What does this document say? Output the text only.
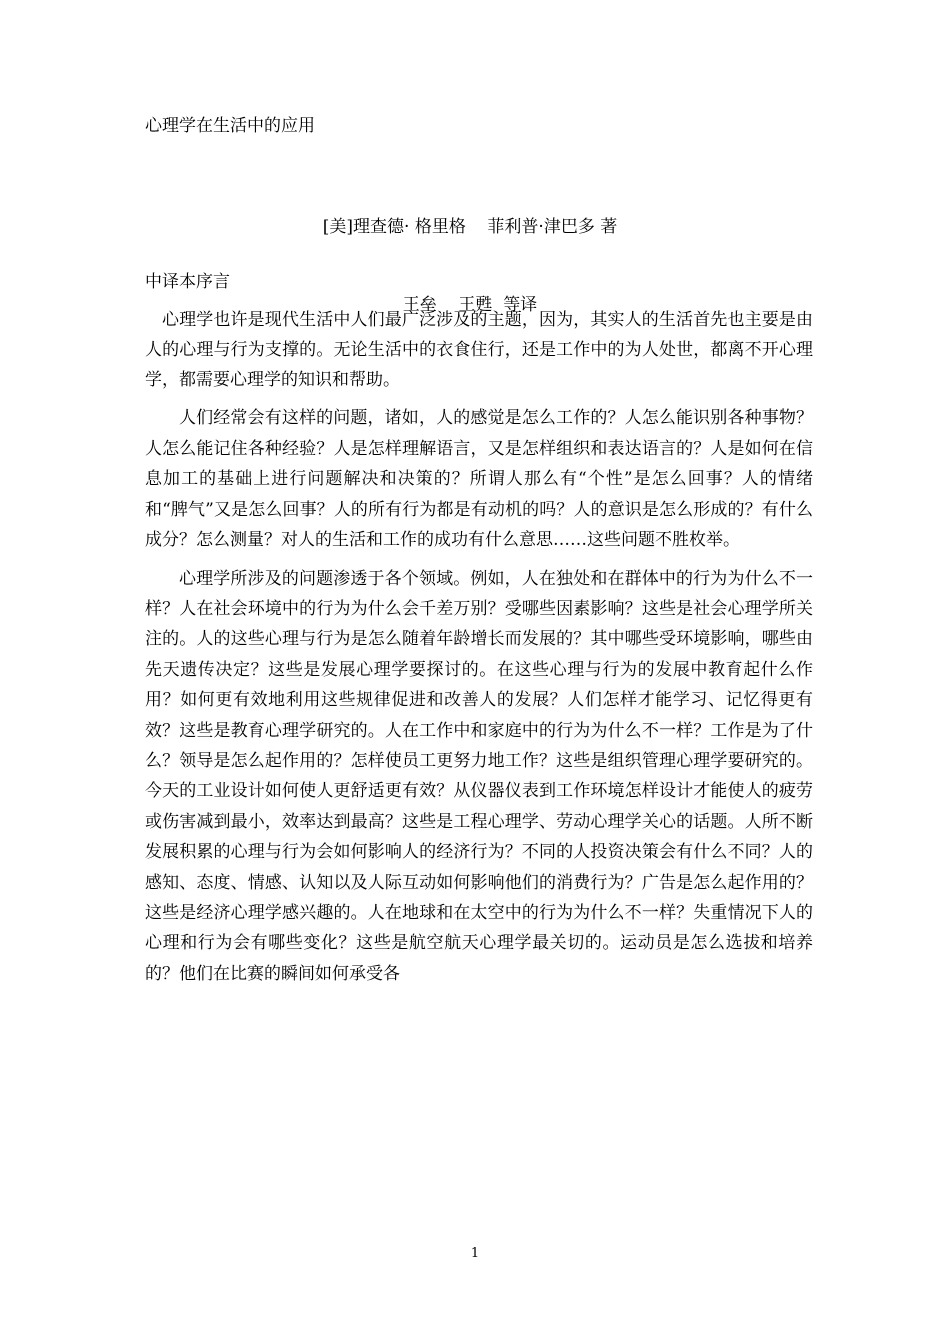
心理学在生活中的应用

[美]理查德· 格里格    菲利普·津巴多 著

王垒    王甦  等译

中译本序言

心理学也许是现代生活中人们最广泛涉及的主题，因为，其实人的生活首先也主要是由人的心理与行为支撑的。无论生活中的衣食住行，还是工作中的为人处世，都离不开心理学，都需要心理学的知识和帮助。

人们经常会有这样的问题，诸如，人的感觉是怎么工作的？人怎么能识别各种事物？人怎么能记住各种经验？人是怎样理解语言，又是怎样组织和表达语言的？人是如何在信息加工的基础上进行问题解决和决策的？所谓人那么有“个性”是怎么回事？人的情绪和“脾气”又是怎么回事？人的所有行为都是有动机的吗？人的意识是怎么形成的？有什么成分？怎么测量？对人的生活和工作的成功有什么意思……这些问题不胜枚举。

心理学所涉及的问题渗透于各个领域。例如，人在独处和在群体中的行为为什么不一样？人在社会环境中的行为为什么会千差万别？受哪些因素影响？这些是社会心理学所关注的。人的这些心理与行为是怎么随着年龄增长而发展的？其中哪些受环境影响，哪些由先天遗传决定？这些是发展心理学要探讨的。在这些心理与行为的发展中教育起什么作用？如何更有效地利用这些规律促进和改善人的发展？人们怎样才能学习、记忆得更有效？这些是教育心理学研究的。人在工作中和家庭中的行为为什么不一样？工作是为了什么？领导是怎么起作用的？怎样使员工更努力地工作？这些是组织管理心理学要研究的。今天的工业设计如何使人更舒适更有效？从仪器仪表到工作环境怎样设计才能使人的疲劳或伤害减到最小，效率达到最高？这些是工程心理学、劳动心理学关心的话题。人所不断发展积累的心理与行为会如何影响人的经济行为？不同的人投资决策会有什么不同？人的感知、态度、情感、认知以及人际互动如何影响他们的消费行为？广告是怎么起作用的？这些是经济心理学感兴趣的。人在地球和在太空中的行为为什么不一样？失重情况下人的心理和行为会有哪些变化？这些是航空航天心理学最关切的。运动员是怎么选拔和培养的？他们在比赛的瞬间如何承受各

1
